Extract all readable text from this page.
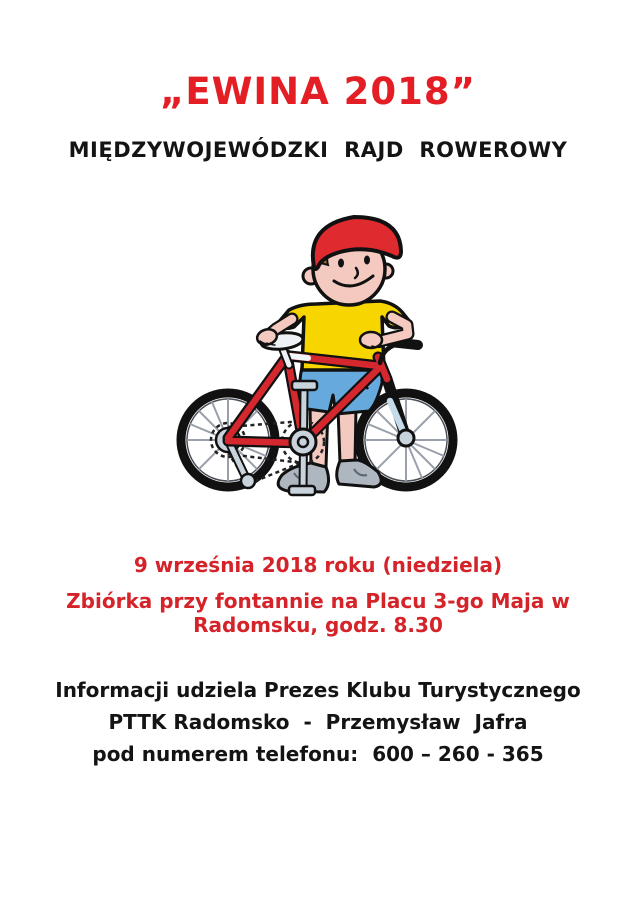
„EWINA 2018”
MIĘDZYWOJEWÓDZKI  RAJD  ROWEROWY
9 września 2018 roku (niedziela)
Zbiórka przy fontannie na Placu 3-go Maja w
Radomsku, godz. 8.30
Informacji udziela Prezes Klubu Turystycznego
PTTK Radomsko  -  Przemysław  Jafra
pod numerem telefonu:  600 – 260 - 365
